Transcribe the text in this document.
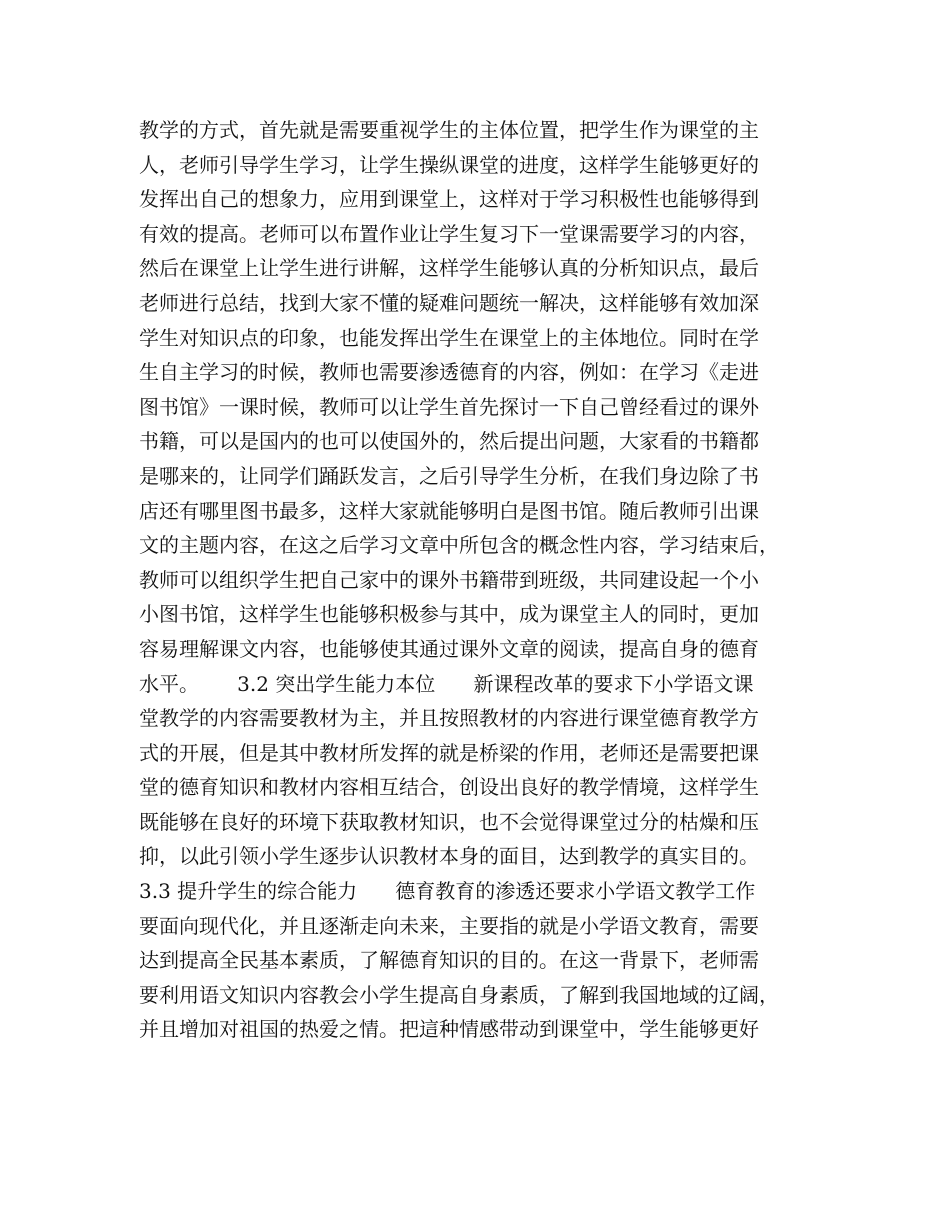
教学的方式，首先就是需要重视学生的主体位置，把学生作为课堂的主
人，老师引导学生学习，让学生操纵课堂的进度，这样学生能够更好的
发挥出自己的想象力，应用到课堂上，这样对于学习积极性也能够得到
有效的提高。老师可以布置作业让学生复习下一堂课需要学习的内容，
然后在课堂上让学生进行讲解，这样学生能够认真的分析知识点，最后
老师进行总结，找到大家不懂的疑难问题统一解决，这样能够有效加深
学生对知识点的印象，也能发挥出学生在课堂上的主体地位。同时在学
生自主学习的时候，教师也需要渗透德育的内容，例如：在学习《走进
图书馆》一课时候，教师可以让学生首先探讨一下自己曾经看过的课外
书籍，可以是国内的也可以使国外的，然后提出问题，大家看的书籍都
是哪来的，让同学们踊跃发言，之后引导学生分析，在我们身边除了书
店还有哪里图书最多，这样大家就能够明白是图书馆。随后教师引出课
文的主题内容，在这之后学习文章中所包含的概念性内容，学习结束后，
教师可以组织学生把自己家中的课外书籍带到班级，共同建设起一个小
小图书馆，这样学生也能够积极参与其中，成为课堂主人的同时，更加
容易理解课文内容，也能够使其通过课外文章的阅读，提高自身的德育
水平。      3.2 突出学生能力本位      新课程改革的要求下小学语文课
堂教学的内容需要教材为主，并且按照教材的内容进行课堂德育教学方
式的开展，但是其中教材所发挥的就是桥梁的作用，老师还是需要把课
堂的德育知识和教材内容相互结合，创设出良好的教学情境，这样学生
既能够在良好的环境下获取教材知识，也不会觉得课堂过分的枯燥和压
抑，以此引领小学生逐步认识教材本身的面目，达到教学的真实目的。
3.3 提升学生的综合能力      德育教育的渗透还要求小学语文教学工作
要面向现代化，并且逐渐走向未来，主要指的就是小学语文教育，需要
达到提高全民基本素质，了解德育知识的目的。在这一背景下，老师需
要利用语文知识内容教会小学生提高自身素质，了解到我国地域的辽阔，
并且增加对祖国的热爱之情。把這种情感带动到课堂中，学生能够更好
